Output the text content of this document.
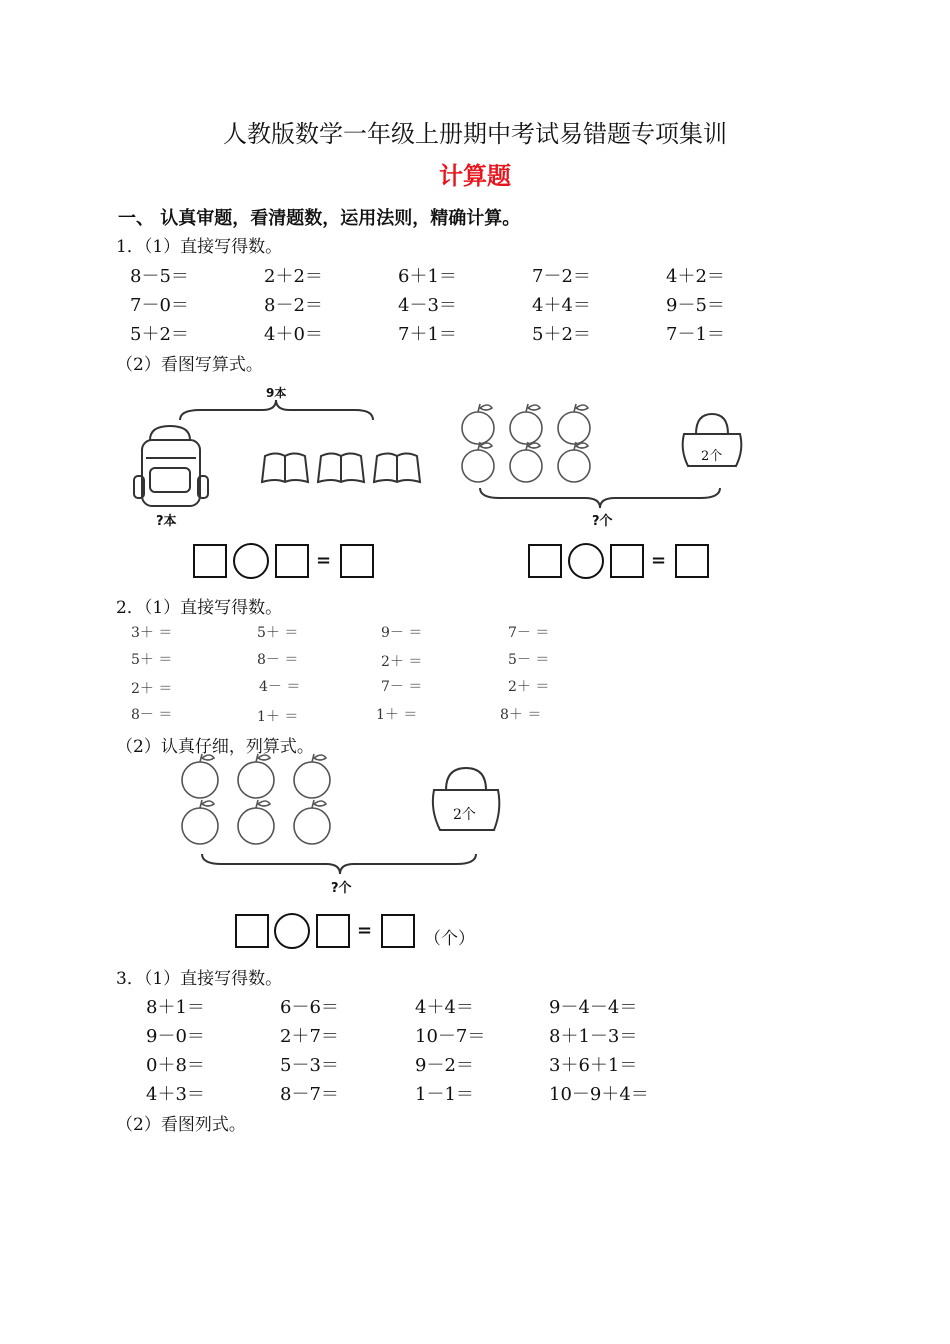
人教版数学一年级上册期中考试易错题专项集训
计算题
一、 认真审题，看清题数，运用法则，精确计算。
1．（1）直接写得数。
8－5＝	2＋2＝	6＋1＝	7－2＝	4＋2＝
7－0＝	8－2＝	4－3＝	4＋4＝	9－5＝
5＋2＝	4＋0＝	7＋1＝	5＋2＝	7－1＝
（2）看图写算式。
9本
?本
2个
?个
=	=
2．（1）直接写得数。
3＋ ＝	5＋ ＝	9－ ＝	7－ ＝
5＋ ＝	8－ ＝	2＋ ＝	5－ ＝
2＋ ＝	4－ ＝	7－ ＝	2＋ ＝
8－ ＝	1＋ ＝	1＋ ＝	8＋ ＝
（2）认真仔细，列算式。
2个
?个
=	（个）
3．（1）直接写得数。
8＋1＝	6－6＝	4＋4＝	9－4－4＝
9－0＝	2＋7＝	10－7＝	8＋1－3＝
0＋8＝	5－3＝	9－2＝	3＋6＋1＝
4＋3＝	8－7＝	1－1＝	10－9＋4＝
（2）看图列式。
